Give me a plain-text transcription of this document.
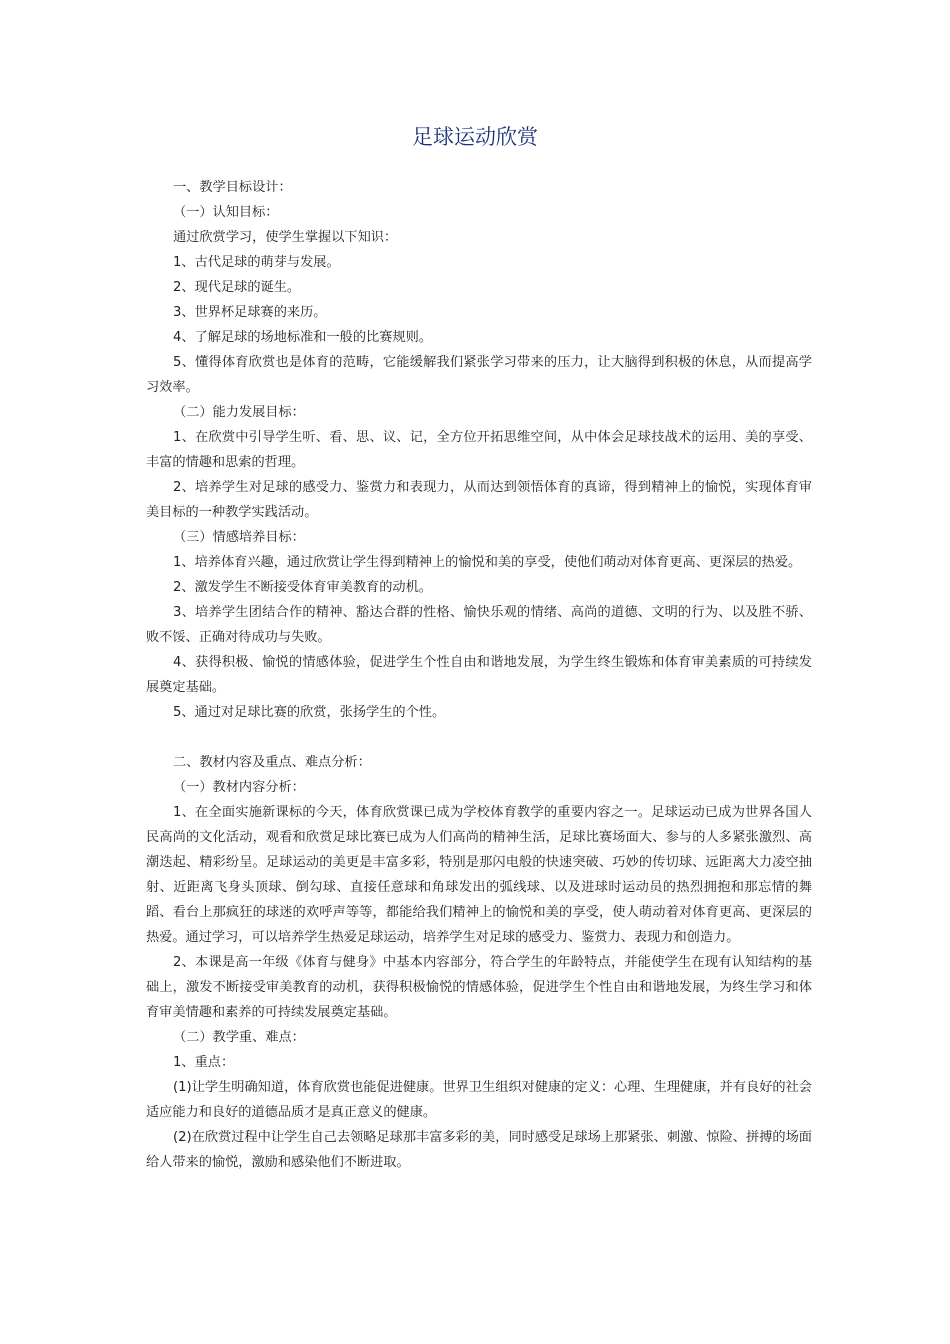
足球运动欣赏

一、教学目标设计：

（一）认知目标：

通过欣赏学习，使学生掌握以下知识：

1、古代足球的萌芽与发展。

2、现代足球的诞生。

3、世界杯足球赛的来历。

4、了解足球的场地标准和一般的比赛规则。

5、懂得体育欣赏也是体育的范畴，它能缓解我们紧张学习带来的压力，让大脑得到积极的休息，从而提高学习效率。

（二）能力发展目标：

1、在欣赏中引导学生听、看、思、议、记，全方位开拓思维空间，从中体会足球技战术的运用、美的享受、丰富的情趣和思索的哲理。

2、培养学生对足球的感受力、鉴赏力和表现力，从而达到领悟体育的真谛，得到精神上的愉悦，实现体育审美目标的一种教学实践活动。

（三）情感培养目标：

1、培养体育兴趣，通过欣赏让学生得到精神上的愉悦和美的享受，使他们萌动对体育更高、更深层的热爱。

2、激发学生不断接受体育审美教育的动机。

3、培养学生团结合作的精神、豁达合群的性格、愉快乐观的情绪、高尚的道德、文明的行为、以及胜不骄、败不馁、正确对待成功与失败。

4、获得积极、愉悦的情感体验，促进学生个性自由和谐地发展，为学生终生锻炼和体育审美素质的可持续发展奠定基础。

5、通过对足球比赛的欣赏，张扬学生的个性。

二、教材内容及重点、难点分析：

（一）教材内容分析：

1、在全面实施新课标的今天，体育欣赏课已成为学校体育教学的重要内容之一。足球运动已成为世界各国人民高尚的文化活动，观看和欣赏足球比赛已成为人们高尚的精神生活，足球比赛场面大、参与的人多紧张激烈、高潮迭起、精彩纷呈。足球运动的美更是丰富多彩，特别是那闪电般的快速突破、巧妙的传切球、远距离大力凌空抽射、近距离飞身头顶球、倒勾球、直接任意球和角球发出的弧线球、以及进球时运动员的热烈拥抱和那忘情的舞蹈、看台上那疯狂的球迷的欢呼声等等，都能给我们精神上的愉悦和美的享受，使人萌动着对体育更高、更深层的热爱。通过学习，可以培养学生热爱足球运动，培养学生对足球的感受力、鉴赏力、表现力和创造力。

2、本课是高一年级《体育与健身》中基本内容部分，符合学生的年龄特点，并能使学生在现有认知结构的基础上，激发不断接受审美教育的动机，获得积极愉悦的情感体验，促进学生个性自由和谐地发展，为终生学习和体育审美情趣和素养的可持续发展奠定基础。

（二）教学重、难点：

1、重点：

(1)让学生明确知道，体育欣赏也能促进健康。世界卫生组织对健康的定义：心理、生理健康，并有良好的社会适应能力和良好的道德品质才是真正意义的健康。

(2)在欣赏过程中让学生自己去领略足球那丰富多彩的美，同时感受足球场上那紧张、刺激、惊险、拼搏的场面给人带来的愉悦，激励和感染他们不断进取。
